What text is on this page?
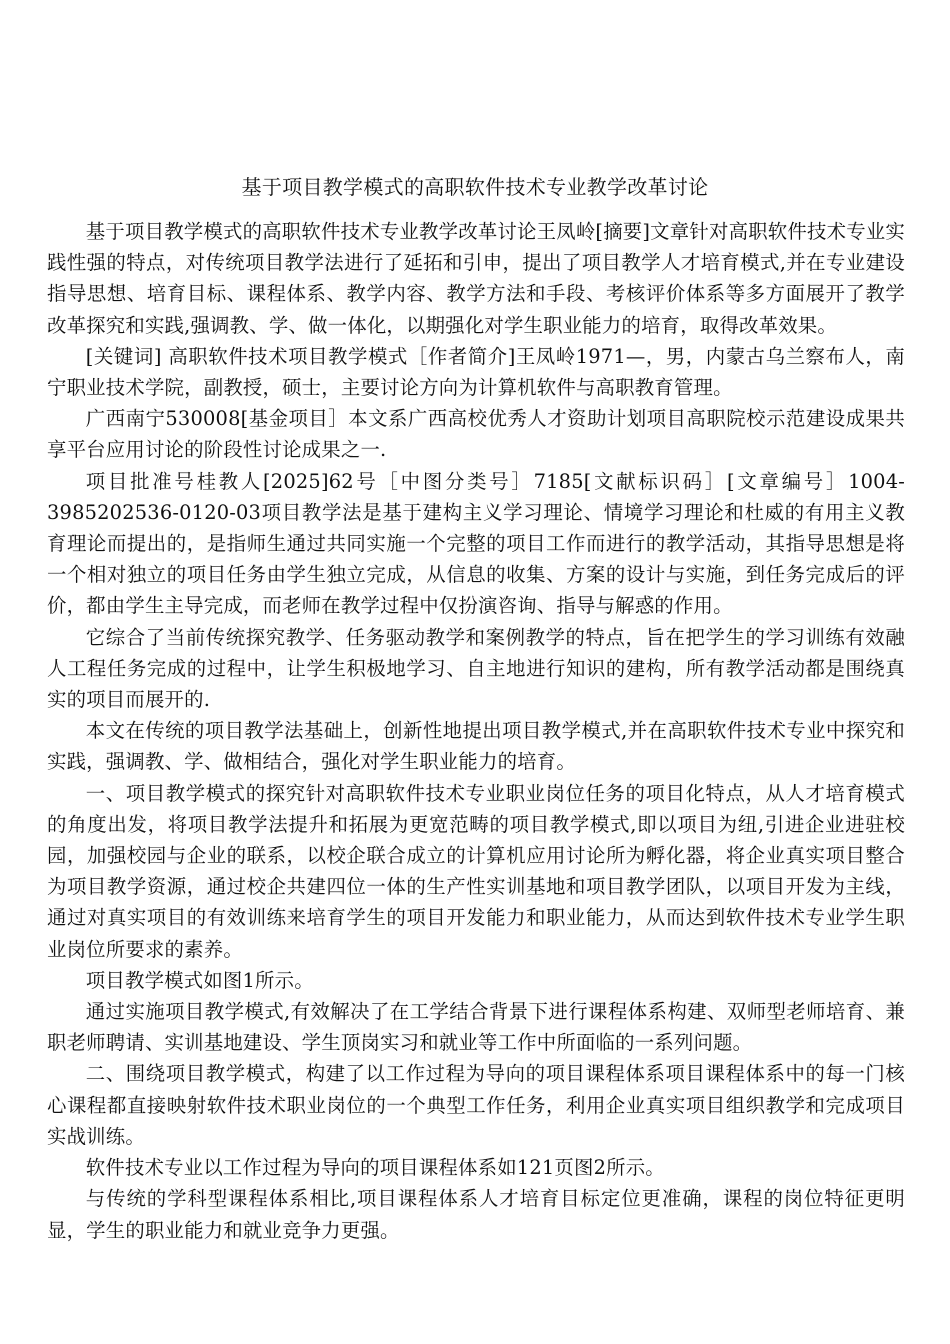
基于项目教学模式的高职软件技术专业教学改革讨论

基于项目教学模式的高职软件技术专业教学改革讨论王凤岭[摘要]文章针对高职软件技术专业实践性强的特点，对传统项目教学法进行了延拓和引申，提出了项目教学人才培育模式,并在专业建设指导思想、培育目标、课程体系、教学内容、教学方法和手段、考核评价体系等多方面展开了教学改革探究和实践,强调教、学、做一体化，以期强化对学生职业能力的培育，取得改革效果。

[关键词] 高职软件技术项目教学模式［作者简介]王凤岭1971—，男，内蒙古乌兰察布人，南宁职业技术学院，副教授，硕士，主要讨论方向为计算机软件与高职教育管理。

广西南宁530008[基金项目］本文系广西高校优秀人才资助计划项目高职院校示范建设成果共享平台应用讨论的阶段性讨论成果之一.

项目批准号桂教人[2025]62号［中图分类号］7185[文献标识码］[文章编号］1004-3985202536-0120-03项目教学法是基于建构主义学习理论、情境学习理论和杜威的有用主义教育理论而提出的，是指师生通过共同实施一个完整的项目工作而进行的教学活动，其指导思想是将一个相对独立的项目任务由学生独立完成，从信息的收集、方案的设计与实施，到任务完成后的评价，都由学生主导完成，而老师在教学过程中仅扮演咨询、指导与解惑的作用。

它综合了当前传统探究教学、任务驱动教学和案例教学的特点，旨在把学生的学习训练有效融人工程任务完成的过程中，让学生积极地学习、自主地进行知识的建构，所有教学活动都是围绕真实的项目而展开的.

本文在传统的项目教学法基础上，创新性地提出项目教学模式,并在高职软件技术专业中探究和实践，强调教、学、做相结合，强化对学生职业能力的培育。

一、项目教学模式的探究针对高职软件技术专业职业岗位任务的项目化特点，从人才培育模式的角度出发，将项目教学法提升和拓展为更宽范畴的项目教学模式,即以项目为纽,引进企业进驻校园，加强校园与企业的联系，以校企联合成立的计算机应用讨论所为孵化器，将企业真实项目整合为项目教学资源，通过校企共建四位一体的生产性实训基地和项目教学团队，以项目开发为主线，通过对真实项目的有效训练来培育学生的项目开发能力和职业能力，从而达到软件技术专业学生职业岗位所要求的素养。

项目教学模式如图1所示。

通过实施项目教学模式,有效解决了在工学结合背景下进行课程体系构建、双师型老师培育、兼职老师聘请、实训基地建设、学生顶岗实习和就业等工作中所面临的一系列问题。

二、围绕项目教学模式，构建了以工作过程为导向的项目课程体系项目课程体系中的每一门核心课程都直接映射软件技术职业岗位的一个典型工作任务，利用企业真实项目组织教学和完成项目实战训练。

软件技术专业以工作过程为导向的项目课程体系如121页图2所示。

与传统的学科型课程体系相比,项目课程体系人才培育目标定位更准确，课程的岗位特征更明显，学生的职业能力和就业竞争力更强。
